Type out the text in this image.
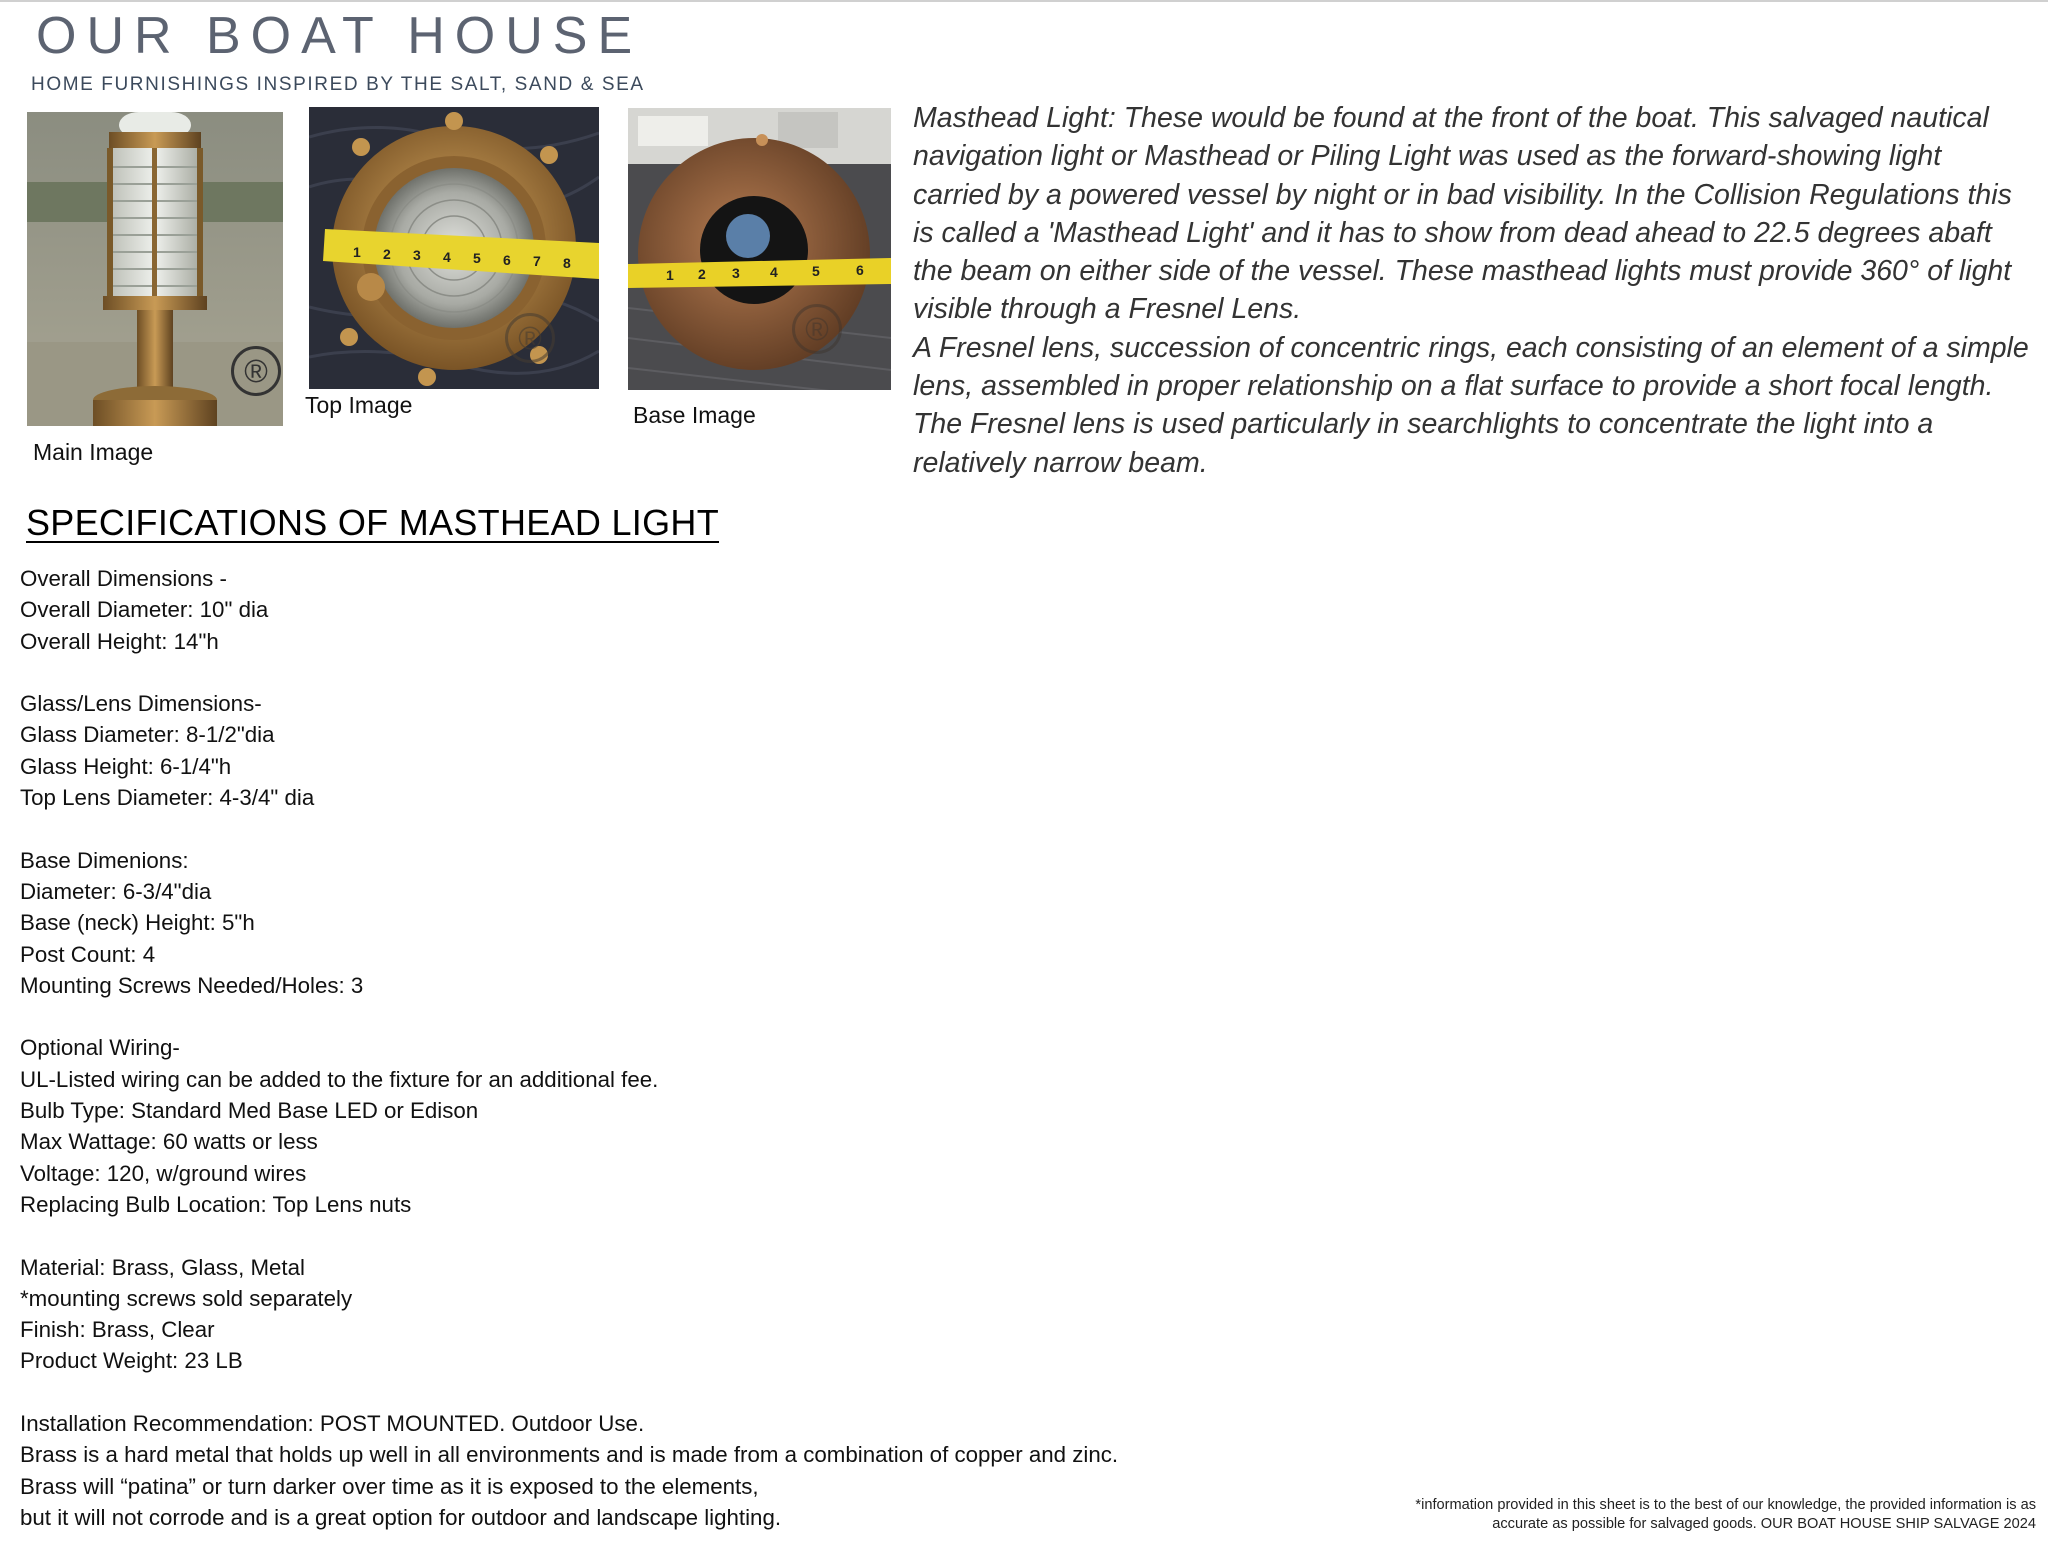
OUR BOAT HOUSE
HOME FURNISHINGS INSPIRED BY THE SALT, SAND & SEA
®
Main Image
1 2 3 4 5 6 7 8
®
Top Image
1 2 3 4 5	6
®
Base Image

Masthead Light: These would be found at the front of the boat. This salvaged nautical navigation light or Masthead or Piling Light was used as the forward-showing light carried by a powered vessel by night or in bad visibility. In the Collision Regulations this is called a 'Masthead Light' and it has to show from dead ahead to 22.5 degrees abaft the beam on either side of the vessel. These masthead lights must provide 360° of light visible through a Fresnel Lens.

A Fresnel lens, succession of concentric rings, each consisting of an element of a simple lens, assembled in proper relationship on a flat surface to provide a short focal length. The Fresnel lens is used particularly in searchlights to concentrate the light into a relatively narrow beam.

SPECIFICATIONS OF MASTHEAD LIGHT
Overall Dimensions -
Overall Diameter: 10" dia
Overall Height: 14"h
Glass/Lens Dimensions-
Glass Diameter: 8-1/2"dia
Glass Height: 6-1/4"h
Top Lens Diameter: 4-3/4" dia
Base Dimenions:
Diameter: 6-3/4"dia
Base (neck) Height: 5"h
Post Count: 4
Mounting Screws Needed/Holes: 3
Optional Wiring-
UL-Listed wiring can be added to the fixture for an additional fee.
Bulb Type: Standard Med Base LED or Edison
Max Wattage: 60 watts or less
Voltage: 120, w/ground wires
Replacing Bulb Location: Top Lens nuts
Material: Brass, Glass, Metal
*mounting screws sold separately
Finish: Brass, Clear
Product Weight: 23 LB
Installation Recommendation: POST MOUNTED. Outdoor Use.
Brass is a hard metal that holds up well in all environments and is made from a combination of copper and zinc.
Brass will “patina” or turn darker over time as it is exposed to the elements,
but it will not corrode and is a great option for outdoor and landscape lighting.	*information provided in this sheet is to the best of our knowledge, the provided information is as
accurate as possible for salvaged goods. OUR BOAT HOUSE SHIP SALVAGE 2024
